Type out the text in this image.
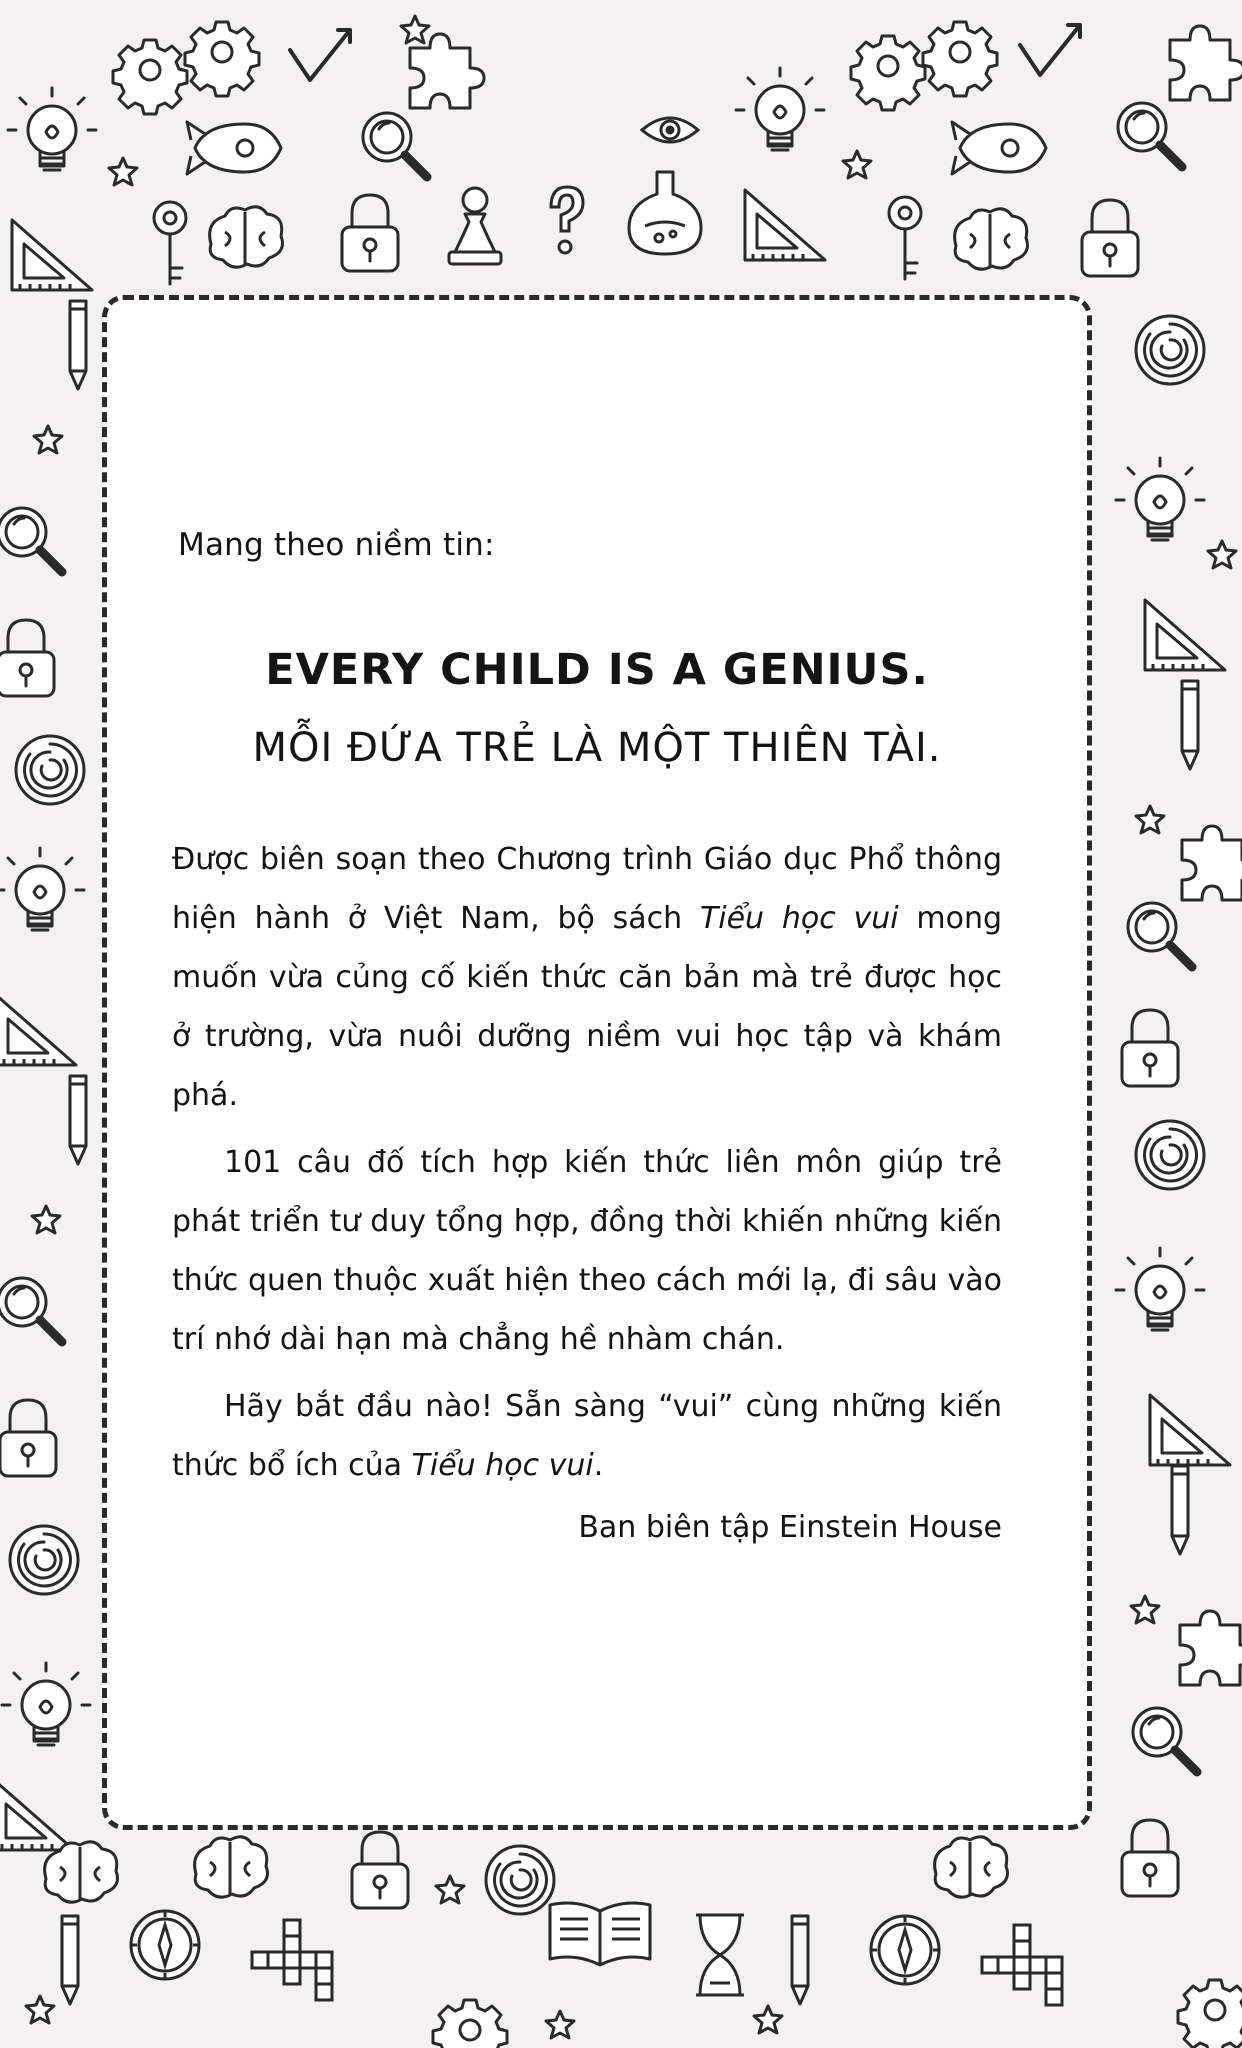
Mang theo niềm tin:
EVERY CHILD IS A GENIUS.
MỖI ĐỨA TRẺ LÀ MỘT THIÊN TÀI.

Được biên soạn theo Chương trình Giáo dục Phổ thông hiện hành ở Việt Nam, bộ sách Tiểu học vui mong muốn vừa củng cố kiến thức căn bản mà trẻ được học ở trường, vừa nuôi dưỡng niềm vui học tập và khám phá.

101 câu đố tích hợp kiến thức liên môn giúp trẻ phát triển tư duy tổng hợp, đồng thời khiến những kiến thức quen thuộc xuất hiện theo cách mới lạ, đi sâu vào trí nhớ dài hạn mà chẳng hề nhàm chán.

Hãy bắt đầu nào! Sẵn sàng “vui” cùng những kiến thức bổ ích của Tiểu học vui.

Ban biên tập Einstein House
